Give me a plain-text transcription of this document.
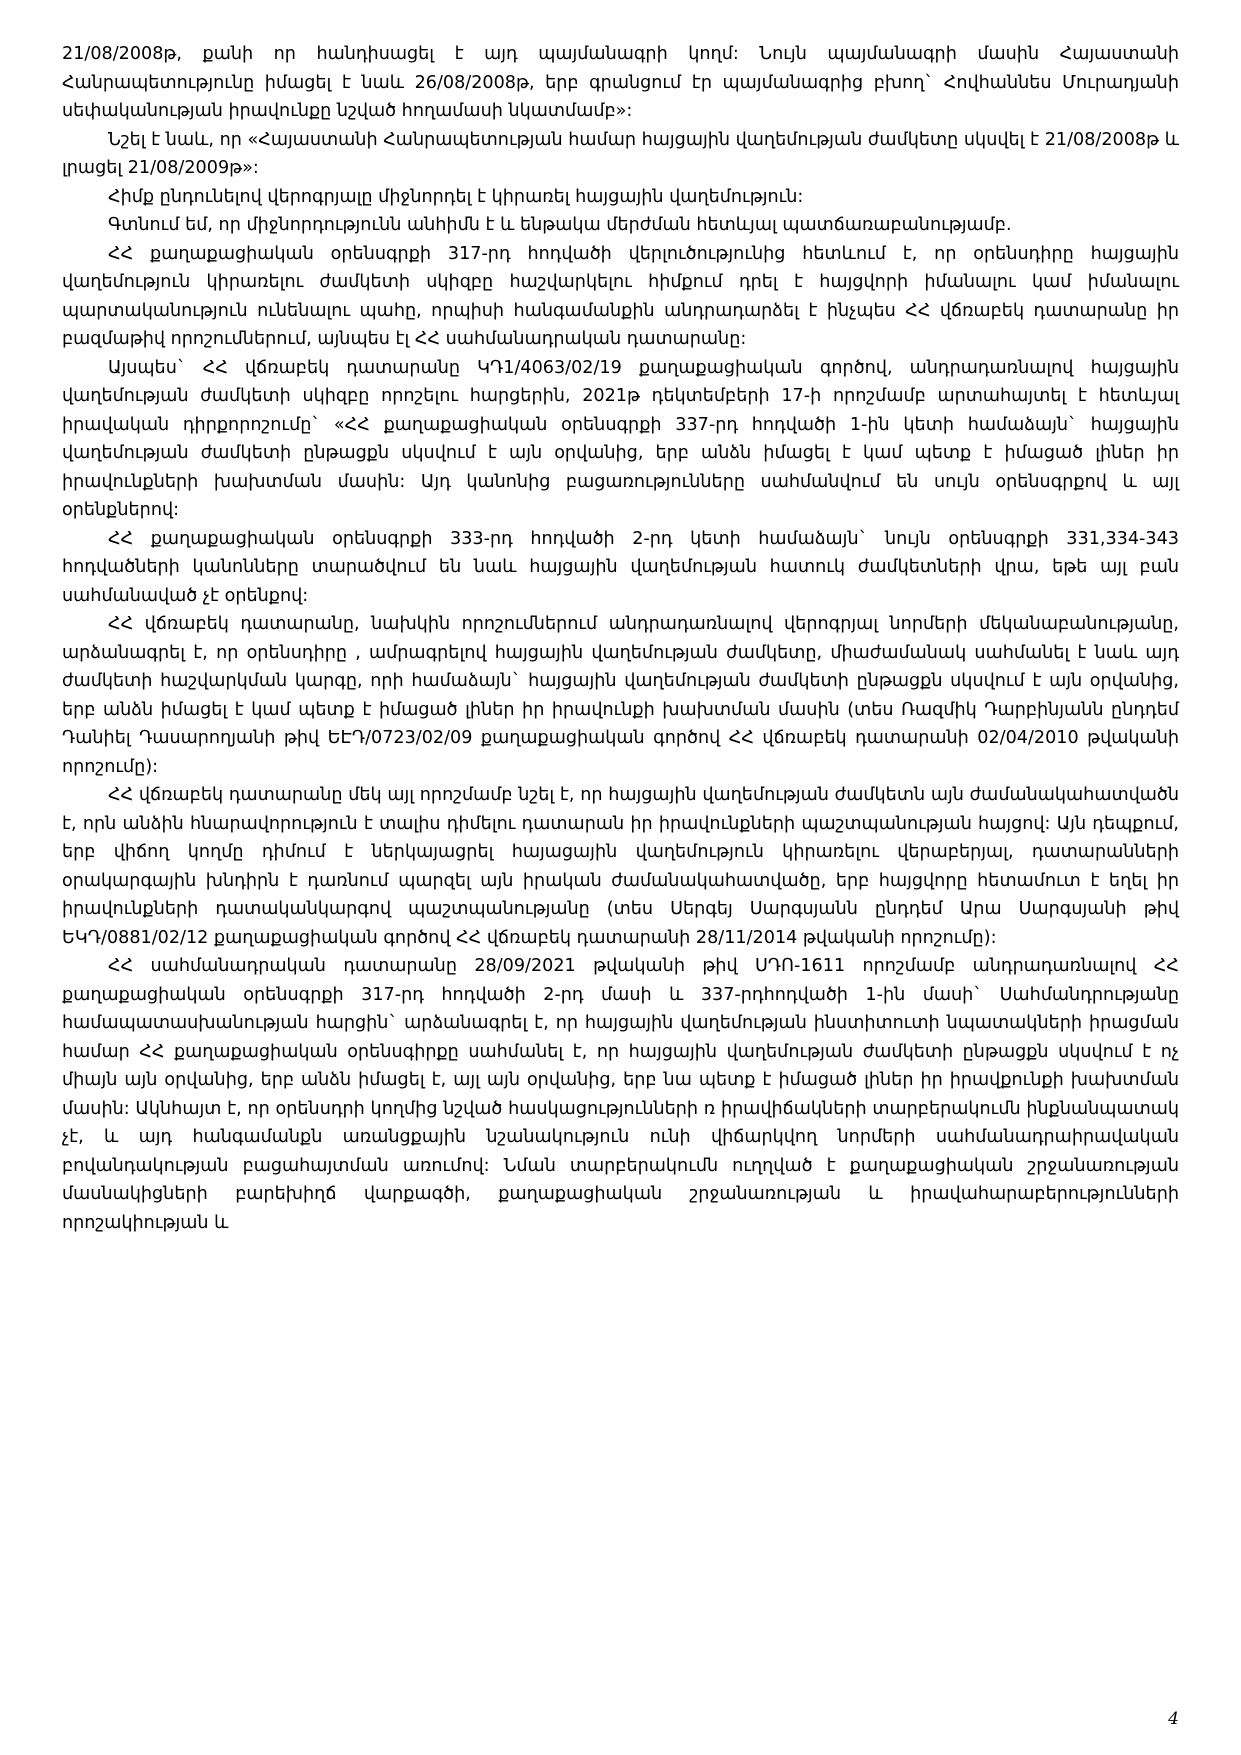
21/08/2008թ, քանի որ հանդիսացել է այդ պայմանագրի կողմ: Նույն պայմանագրի մասին Հայաստանի Հանրապետությունը իմացել է նաև 26/08/2008թ, երբ գրանցում էր պայմանագրից բխող` Հովհաննես Մուրադյանի սեփականության իրավունքը նշված հողամասի նկատմամբ»:

Նշել է նաև, որ «Հայաստանի Հանրապետության համար հայցային վաղեմության ժամկետը սկսվել է 21/08/2008թ և լրացել 21/08/2009թ»:

Հիմք ընդունելով վերոգրյալը միջնորդել է կիրառել հայցային վաղեմություն:

Գտնում եմ, որ միջնորդությունն անհիմն է և ենթակա մերժման հետևյալ պատճառաբանությամբ.

ՀՀ քաղաքացիական օրենսգրքի 317-րդ հոդվածի վերլուծությունից հետևում է, որ օրենսդիրը հայցային վաղեմություն կիրառելու ժամկետի սկիզբը հաշվարկելու հիմքում դրել է հայցվորի իմանալու կամ իմանալու պարտականություն ունենալու պահը, որպիսի հանգամանքին անդրադարձել է ինչպես ՀՀ վճռաբեկ դատարանը իր բազմաթիվ որոշումներում, այնպես էլ ՀՀ սահմանադրական դատարանը:

Այսպես` ՀՀ վճռաբեկ դատարանը ԿԴ1/4063/02/19 քաղաքացիական գործով, անդրադառնալով հայցային վաղեմության ժամկետի սկիզբը որոշելու հարցերին, 2021թ դեկտեմբերի 17-ի որոշմամբ արտահայտել է հետևյալ իրավական դիրքորոշումը` «ՀՀ քաղաքացիական օրենսգրքի 337-րդ հոդվածի 1-ին կետի համաձայն` հայցային վաղեմության ժամկետի ընթացքն սկսվում է այն օրվանից, երբ անձն իմացել է կամ պետք է իմացած լիներ իր իրավունքների խախտման մասին: Այդ կանոնից բացառությունները սահմանվում են սույն օրենսգրքով և այլ օրենքներով:

ՀՀ քաղաքացիական օրենսգրքի 333-րդ հոդվածի 2-րդ կետի համաձայն` նույն օրենսգրքի 331,334-343 հոդվածների կանոնները տարածվում են նաև հայցային վաղեմության հատուկ ժամկետների վրա, եթե այլ բան սահմանաված չէ օրենքով:

ՀՀ վճռաբեկ դատարանը, նախկին որոշումներում անդրադառնալով վերոգրյալ նորմերի մեկանաբանությանը, արձանագրել է, որ օրենսդիրը , ամրագրելով հայցային վաղեմության ժամկետը, միաժամանակ սահմանել է նաև այդ ժամկետի հաշվարկման կարգը, որի համաձայն` հայցային վաղեմության ժամկետի ընթացքն սկսվում է այն օրվանից, երբ անձն իմացել է կամ պետք է իմացած լիներ իր իրավունքի խախտման մասին (տես Ռազմիկ Դարբինյանն ընդդեմ Դանիել Դասարողյանի թիվ ԵԷԴ/0723/02/09 քաղաքացիական գործով ՀՀ վճռաբեկ դատարանի 02/04/2010 թվականի որոշումը):

ՀՀ վճռաբեկ դատարանը մեկ այլ որոշմամբ նշել է, որ հայցային վաղեմության ժամկետն այն ժամանակահատվածն է, որն անձին հնարավորություն է տալիս դիմելու դատարան իր իրավունքների պաշտպանության հայցով: Այն դեպքում, երբ վիճող կողմը դիմում է ներկայացրել հայացային վաղեմություն կիրառելու վերաբերյալ, դատարանների օրակարգային խնդիրն է դառնում պարզել այն իրական ժամանակահատվածը, երբ հայցվորը հետամուտ է եղել իր իրավունքների դատականկարգով պաշտպանությանը (տես Սերգեյ Սարգսյանն ընդդեմ Արա Սարգսյանի թիվ ԵԿԴ/0881/02/12 քաղաքացիական գործով ՀՀ վճռաբեկ դատարանի 28/11/2014 թվականի որոշումը):

ՀՀ սահմանադրական դատարանը 28/09/2021 թվականի թիվ ՍԴՈ-1611 որոշմամբ անդրադառնալով ՀՀ քաղաքացիական օրենսգրքի 317-րդ հոդվածի 2-րդ մասի և 337-րդհոդվածի 1-ին մասի` Սահմանդրությանը համապատասխանության հարցին` արձանագրել է, որ հայցային վաղեմության ինստիտուտի նպատակների իրացման համար ՀՀ քաղաքացիական օրենսգիրքը սահմանել է, որ հայցային վաղեմության ժամկետի ընթացքն սկսվում է ոչ միայն այն օրվանից, երբ անձն իմացել է, այլ այն օրվանից, երբ նա պետք է իմացած լիներ իր իրավքունքի խախտման մասին: Ակնհայտ է, որ օրենսդրի կողմից նշված հասկացությունների ռ իրավիճակների տարբերակումն ինքնանպատակ չէ, և այդ հանգամանքն առանցքային նշանակություն ունի վիճարկվող նորմերի սահմանադրաիրավական բովանդակության բացահայտման առումով: Նման տարբերակումն ուղղված է քաղաքացիական շրջանառության մասնակիցների բարեխիղճ վարքագծի, քաղաքացիական շրջանառության և իրավահարաբերությունների որոշակիության և

4
